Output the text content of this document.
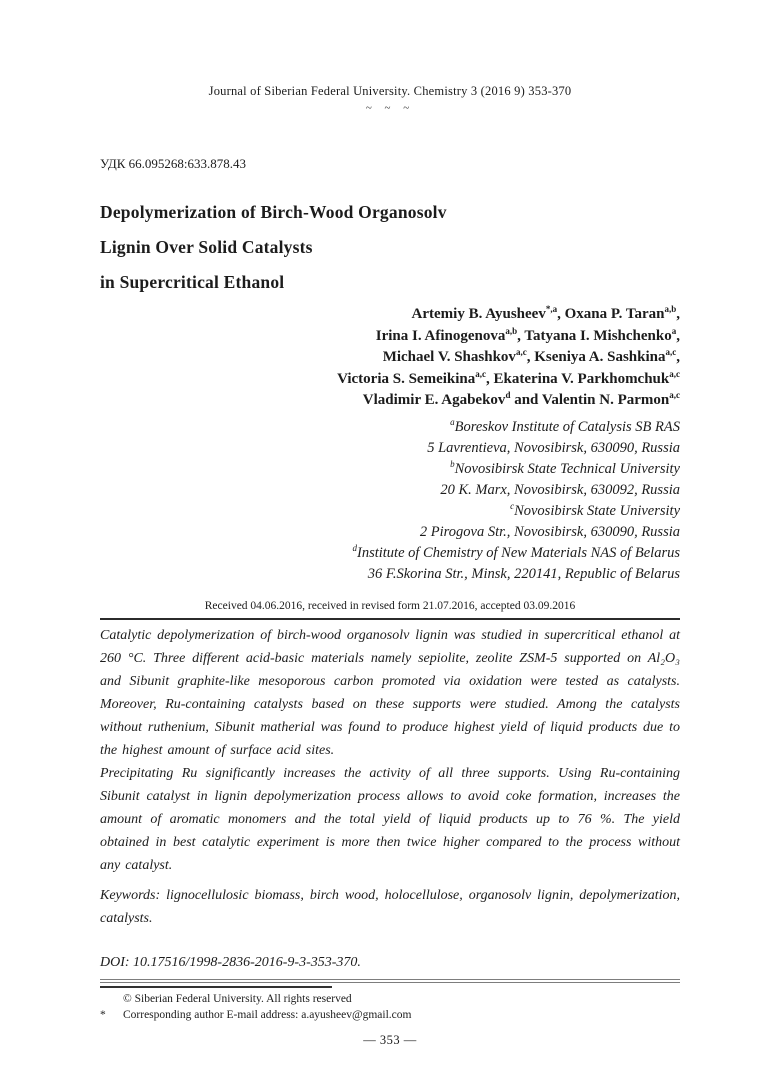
Journal of Siberian Federal University. Chemistry 3 (2016 9) 353-370
~ ~ ~
УДК 66.095268:633.878.43
Depolymerization of Birch-Wood Organosolv
Lignin Over Solid Catalysts
in Supercritical Ethanol
Artemiy B. Ayusheev$^{*,a}$, Oxana P. Taran$^{a,b}$,
Irina I. Afinogenova$^{a,b}$, Tatyana I. Mishchenko$^a$,
Michael V. Shashkov$^{a,c}$, Kseniya A. Sashkina$^{a,c}$,
Victoria S. Semeikina$^{a,c}$, Ekaterina V. Parkhomchuk$^{a,c}$
Vladimir E. Agabekov$^d$ and Valentin N. Parmon$^{a,c}$
$^a$Boreskov Institute of Catalysis SB RAS
5 Lavrentieva, Novosibirsk, 630090, Russia
$^b$Novosibirsk State Technical University
20 K. Marx, Novosibirsk, 630092, Russia
$^c$Novosibirsk State University
2 Pirogova Str., Novosibirsk, 630090, Russia
$^d$Institute of Chemistry of New Materials NAS of Belarus
36 F.Skorina Str., Minsk, 220141, Republic of Belarus
Received 04.06.2016, received in revised form 21.07.2016, accepted 03.09.2016

Catalytic depolymerization of birch-wood organosolv lignin was studied in supercritical ethanol at 260 °C. Three different acid-basic materials namely sepiolite, zeolite ZSM-5 supported on Al₂O₃ and Sibunit graphite-like mesoporous carbon promoted via oxidation were tested as catalysts. Moreover, Ru-containing catalysts based on these supports were studied. Among the catalysts without ruthenium, Sibunit matherial was found to produce highest yield of liquid products due to the highest amount of surface acid sites.

Precipitating Ru significantly increases the activity of all three supports. Using Ru-containing Sibunit catalyst in lignin depolymerization process allows to avoid coke formation, increases the amount of aromatic monomers and the total yield of liquid products up to 76 %. The yield obtained in best catalytic experiment is more then twice higher compared to the process without any catalyst.

Keywords: lignocellulosic biomass, birch wood, holocellulose, organosolv lignin, depolymerization, catalysts.
DOI: 10.17516/1998-2836-2016-9-3-353-370.
© Siberian Federal University. All rights reserved
*	Corresponding author E-mail address: a.ayusheev@gmail.com
— 353 —
